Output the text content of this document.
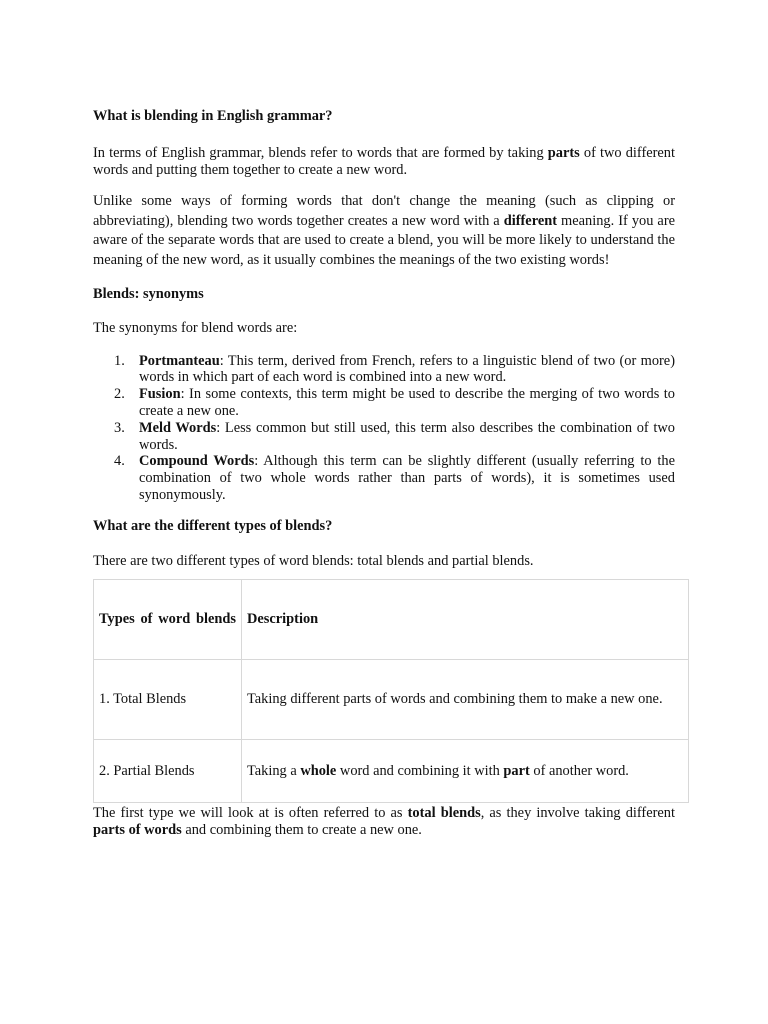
What is blending in English grammar?

In terms of English grammar, blends refer to words that are formed by taking parts of two different words and putting them together to create a new word.

Unlike some ways of forming words that don't change the meaning (such as clipping or abbreviating), blending two words together creates a new word with a different meaning. If you are aware of the separate words that are used to create a blend, you will be more likely to understand the meaning of the new word, as it usually combines the meanings of the two existing words!

Blends: synonyms

The synonyms for blend words are:

1. Portmanteau: This term, derived from French, refers to a linguistic blend of two (or more) words in which part of each word is combined into a new word.
2. Fusion: In some contexts, this term might be used to describe the merging of two words to create a new one.
3. Meld Words: Less common but still used, this term also describes the combination of two words.
4. Compound Words: Although this term can be slightly different (usually referring to the combination of two whole words rather than parts of words), it is sometimes used synonymously.

What are the different types of blends?

There are two different types of word blends: total blends and partial blends.

Types of word blends	Description
1. Total Blends	Taking different parts of words and combining them to make a new one.
2. Partial Blends	Taking a whole word and combining it with part of another word.

The first type we will look at is often referred to as total blends, as they involve taking different parts of words and combining them to create a new one.
